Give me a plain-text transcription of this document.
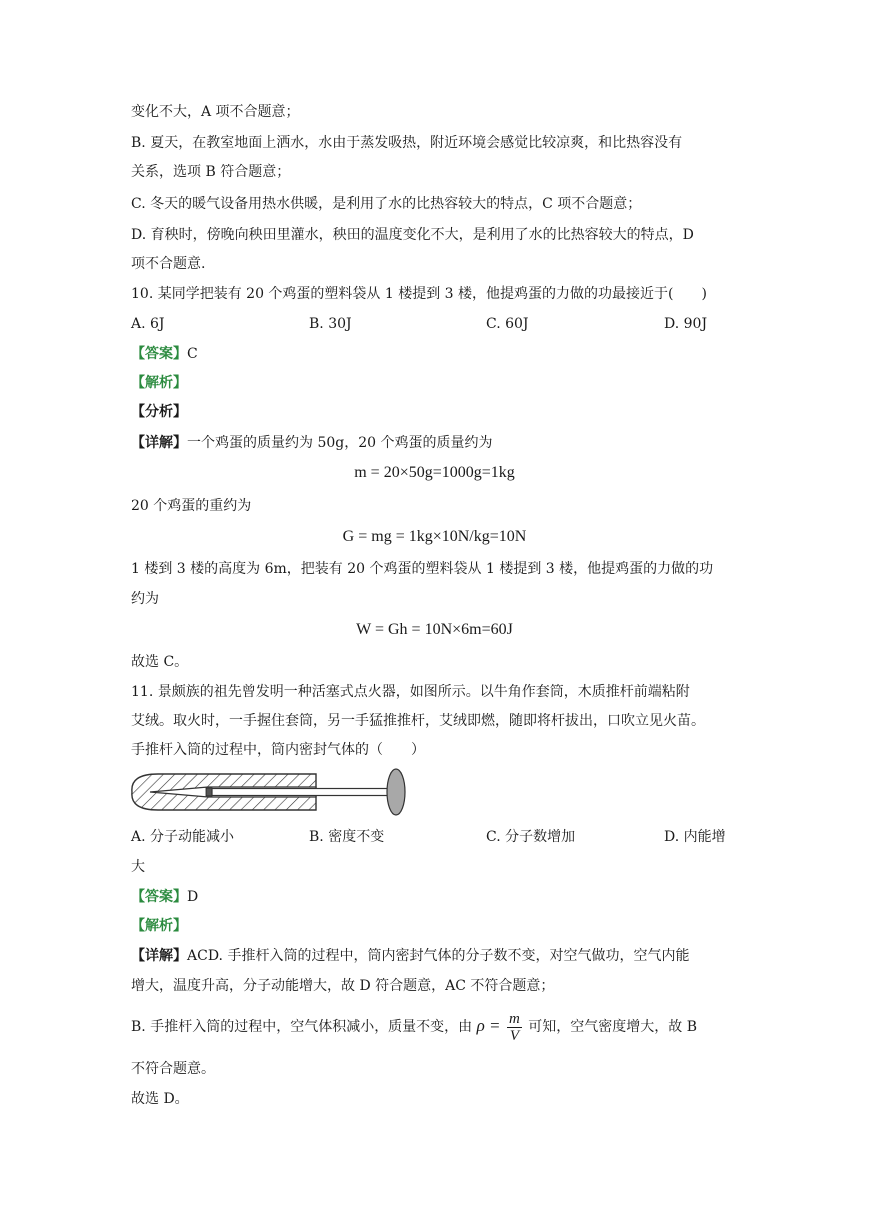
变化不大，A 项不合题意；
B. 夏天，在教室地面上洒水，水由于蒸发吸热，附近环境会感觉比较凉爽，和比热容没有
关系，选项 B 符合题意；
C. 冬天的暖气设备用热水供暖，是利用了水的比热容较大的特点，C 项不合题意；
D. 育秧时，傍晚向秧田里灌水，秧田的温度变化不大，是利用了水的比热容较大的特点，D
项不合题意.
10. 某同学把装有 20 个鸡蛋的塑料袋从 1 楼提到 3 楼，他提鸡蛋的力做的功最接近于(　　)
A. 6J	B. 30J	C. 60J	D. 90J
【答案】C
【解析】
【分析】
【详解】一个鸡蛋的质量约为 50g，20 个鸡蛋的质量约为
m = 20×50g=1000g=1kg
20 个鸡蛋的重约为
G = mg = 1kg×10N/kg=10N
1 楼到 3 楼的高度为 6m，把装有 20 个鸡蛋的塑料袋从 1 楼提到 3 楼，他提鸡蛋的力做的功
约为
W = Gh = 10N×6m=60J
故选 C。
11. 景颇族的祖先曾发明一种活塞式点火器，如图所示。以牛角作套筒，木质推杆前端粘附
艾绒。取火时，一手握住套筒，另一手猛推推杆，艾绒即燃，随即将杆拔出，口吹立见火苗。
手推杆入筒的过程中，筒内密封气体的（　　）
A. 分子动能减小	B. 密度不变	C. 分子数增加	D. 内能增
大
【答案】D
【解析】
【详解】ACD. 手推杆入筒的过程中，筒内密封气体的分子数不变，对空气做功，空气内能
增大，温度升高，分子动能增大，故 D 符合题意，AC 不符合题意；
B. 手推杆入筒的过程中，空气体积减小，质量不变，由 $\rho = \frac{m}{V}$ 可知，空气密度增大，故 B
不符合题意。
故选 D。
